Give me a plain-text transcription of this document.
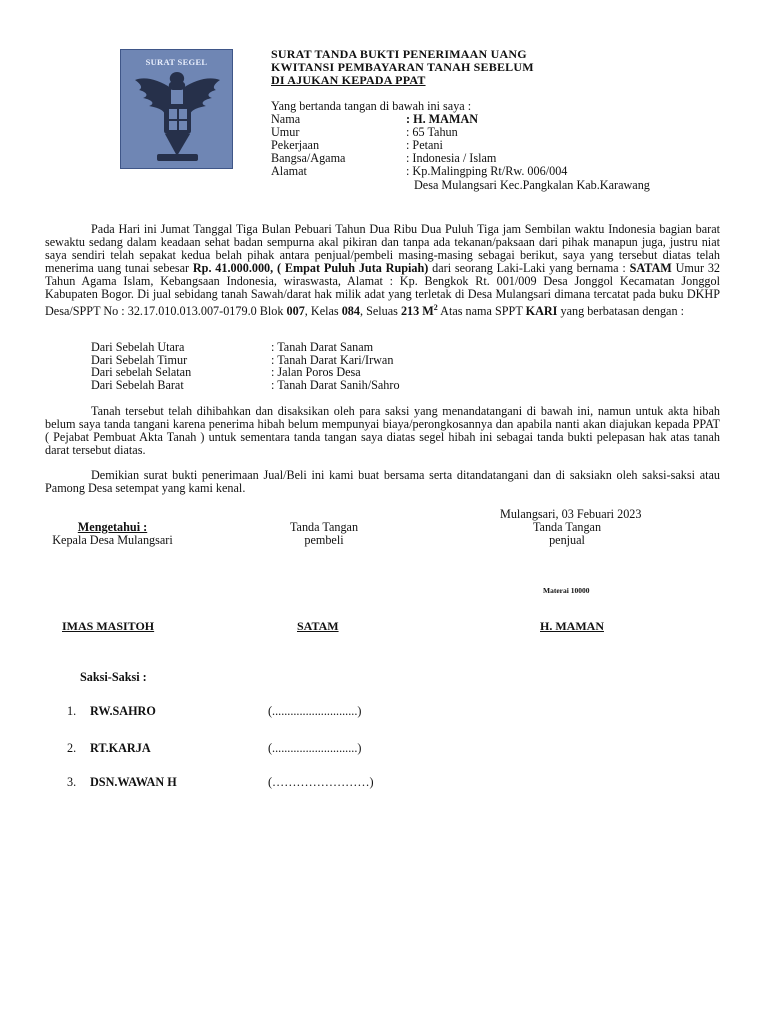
SURAT SEGEL
SURAT TANDA BUKTI PENERIMAAN UANG
KWITANSI PEMBAYARAN TANAH SEBELUM
DI AJUKAN KEPADA PPAT
Yang bertanda tangan di bawah ini saya :
Nama	: H. MAMAN
Umur	: 65 Tahun
Pekerjaan	: Petani
Bangsa/Agama	: Indonesia / Islam
Alamat	: Kp.Malingping Rt/Rw. 006/004
Desa Mulangsari Kec.Pangkalan Kab.Karawang
Pada Hari ini Jumat Tanggal Tiga Bulan Pebuari Tahun Dua Ribu Dua Puluh Tiga jam Sembilan waktu Indonesia bagian barat sewaktu sedang dalam keadaan sehat badan sempurna akal pikiran dan tanpa ada tekanan/paksaan dari pihak manapun juga, justru niat saya sendiri telah sepakat kedua belah pihak antara penjual/pembeli masing-masing sebagai berikut, saya yang tersebut diatas telah menerima uang tunai sebesar Rp. 41.000.000, ( Empat Puluh Juta Rupiah) dari seorang Laki-Laki yang bernama : SATAM Umur 32 Tahun Agama Islam, Kebangsaan Indonesia, wiraswasta, Alamat : Kp. Bengkok Rt. 001/009 Desa Jonggol Kecamatan Jonggol Kabupaten Bogor. Di jual sebidang tanah Sawah/darat hak milik adat yang terletak di Desa Mulangsari dimana tercatat pada buku DKHP Desa/SPPT No : 32.17.010.013.007-0179.0 Blok 007, Kelas 084, Seluas 213 $M^2$ Atas nama SPPT KARI yang berbatasan dengan :
Dari Sebelah Utara	: Tanah Darat Sanam
Dari Sebelah Timur	: Tanah Darat Kari/Irwan
Dari sebelah Selatan	: Jalan Poros Desa
Dari Sebelah Barat	: Tanah Darat Sanih/Sahro
Tanah tersebut telah dihibahkan dan disaksikan oleh para saksi yang menandatangani di bawah ini, namun untuk akta hibah belum saya tanda tangani karena penerima hibah belum mempunyai biaya/perongkosannya dan apabila nanti akan diajukan kepada PPAT ( Pejabat Pembuat Akta Tanah ) untuk sementara tanda tangan saya diatas segel hibah ini sebagai tanda bukti pelepasan hak atas tanah darat tersebut diatas.
Demikian surat bukti penerimaan Jual/Beli ini kami buat bersama serta ditandatangani dan di saksiakn oleh saksi-saksi atau Pamong Desa setempat yang kami kenal.
Mulangsari, 03 Febuari 2023
Mengetahui :
Kepala Desa Mulangsari
Tanda Tangan
pembeli
Tanda Tangan
penjual
Materai 10000
IMAS MASITOH	SATAM	H. MAMAN
Saksi-Saksi :
1. RW.SAHRO	(............................)
2. RT.KARJA	(............................)
3. DSN.WAWAN H	(……………………)
